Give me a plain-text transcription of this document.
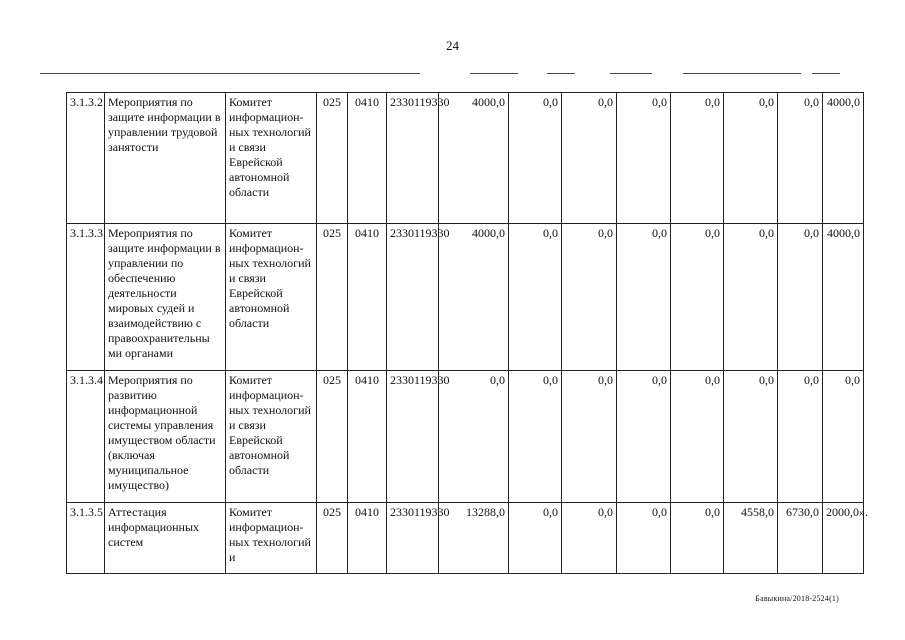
24
3.1.3.2	Мероприятия по защите информации в управлении трудовой занятости	Комитет информацион-ных технологий и связи Еврейской автономной области	025	0410	2330119330	4000,0	0,0	0,0	0,0	0,0	0,0	0,0	4000,0
3.1.3.3	Мероприятия по защите информации в управлении по обеспечению деятельности мировых судей и взаимодействию с правоохранительны ми органами	Комитет информацион-ных технологий и связи Еврейской автономной области	025	0410	2330119330	4000,0	0,0	0,0	0,0	0,0	0,0	0,0	4000,0
3.1.3.4	Мероприятия по развитию информационной системы управления имуществом области (включая муниципальное имущество)	Комитет информацион-ных технологий и связи Еврейской автономной области	025	0410	2330119330	0,0	0,0	0,0	0,0	0,0	0,0	0,0	0,0
3.1.3.5	Аттестация информационных систем	Комитет информацион-ных технологий и	025	0410	2330119330	13288,0	0,0	0,0	0,0	0,0	4558,0	6730,0	2000,0».
Бавыкина/2018-2524(1)
